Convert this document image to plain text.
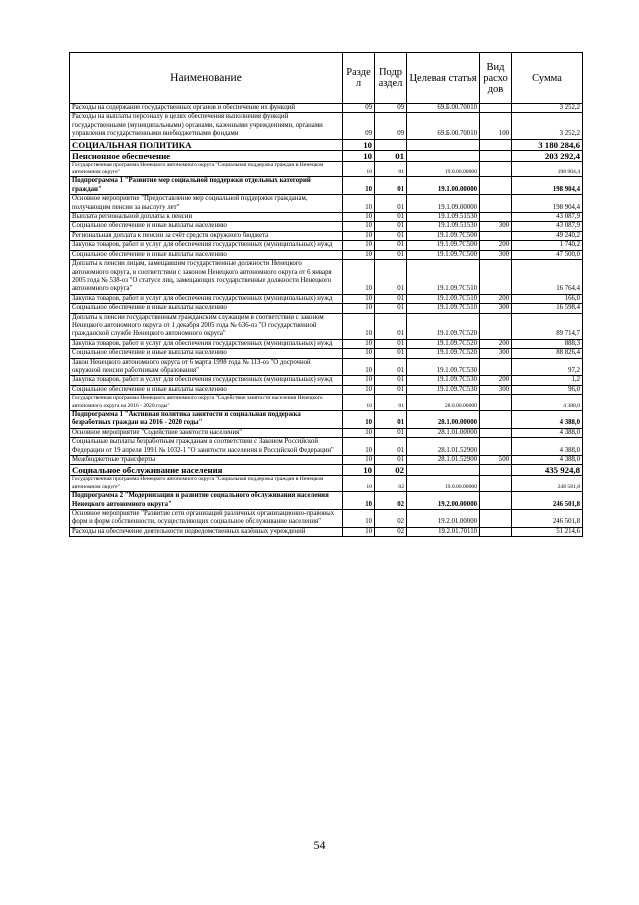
Наименование	Разде л	Подр аздел	Целевая статья	Вид расхо дов	Сумма
Расходы на содержание государственных органов и обеспечение их функций	09	09	69.Б.00.70010		3 252,2
Расходы на выплаты персоналу в целях обеспечения выполнения функций государственными (муниципальными) органами, казенными учреждениями, органами управления государственными внебюджетными фондами	09	09	69.Б.00.70010	100	3 252,2
СОЦИАЛЬНАЯ ПОЛИТИКА	10				3 180 284,6
Пенсионное обеспечение	10	01			203 292,4
Государственная программа Ненецкого автономного округа "Социальная поддержка граждан в Ненецком автономном округе"	10	01	19.0.00.00000		198 904,4
Подпрограмма 1 "Развитие мер социальной поддержки отдельных категорий граждан"	10	01	19.1.00.00000		198 904,4
Основное мероприятие "Предоставление мер социальной поддержки гражданам, получающим пенсии за выслугу лет"	10	01	19.1.09.00000		198 904,4
Выплата региональной доплаты к пенсии	10	01	19.1.09.51530		43 087,9
Социальное обеспечение и иные выплаты населению	10	01	19.1.09.51530	300	43 087,9
Региональная доплата к пенсии за счёт средств окружного бюджета	10	01	19.1.09.7С500		49 240,2
Закупка товаров, работ и услуг для обеспечения государственных (муниципальных) нужд	10	01	19.1.09.7С500	200	1 740,2
Социальное обеспечение и иные выплаты населению	10	01	19.1.09.7С500	300	47 500,0
Доплаты к пенсии лицам, замещавшим государственные должности Ненецкого автономного округа, в соответствии с законом Ненецкого автономного округа от 6 января 2005 года № 538-оз "О статусе лиц, замещающих государственные должности Ненецкого автономного округа"	10	01	19.1.09.7С510		16 764,4
Закупка товаров, работ и услуг для обеспечения государственных (муниципальных) нужд	10	01	19.1.09.7С510	200	166,0
Социальное обеспечение и иные выплаты населению	10	01	19.1.09.7С510	300	16 598,4
Доплаты к пенсии государственным гражданским служащим в соответствии с законом Ненецкого автономного округа от 1 декабря 2005 года № 636-оз "О государственной гражданской службе Ненецкого автономного округа"	10	01	19.1.09.7С520		89 714,7
Закупка товаров, работ и услуг для обеспечения государственных (муниципальных) нужд	10	01	19.1.09.7С520	200	888,3
Социальное обеспечение и иные выплаты населению	10	01	19.1.09.7С520	300	88 826,4
Закон Ненецкого автономного округа от 6 марта 1998 года № 113-оз "О досрочной окружной пенсии работникам образования"	10	01	19.1.09.7С530		97,2
Закупка товаров, работ и услуг для обеспечения государственных (муниципальных) нужд	10	01	19.1.09.7С530	200	1,2
Социальное обеспечение и иные выплаты населению	10	01	19.1.09.7С530	300	96,0
Государственная программа Ненецкого автономного округа "Содействие занятости населения Ненецкого автономного округа на 2016 - 2020 годы"	10	01	28.0.00.00000		4 388,0
Подпрограмма 1 "Активная политика занятости и социальная поддержка безработных граждан на 2016 - 2020 годы"	10	01	28.1.00.00000		4 388,0
Основное мероприятие "Содействие занятости населения"	10	01	28.1.01.00000		4 388,0
Социальные выплаты безработным гражданам в соответствии с Законом Российской Федерации от 19 апреля 1991 № 1032-1 "О занятости населения в Российской Федерации"	10	01	28.1.01.52900		4 388,0
Межбюджетные трансферты	10	01	28.1.01.52900	500	4 388,0
Социальное обслуживание населения	10	02			435 924,8
Государственная программа Ненецкого автономного округа "Социальная поддержка граждан в Ненецком автономном округе"	10	02	19.0.00.00000		248 581,8
Подпрограмма 2 "Модернизация и развитие социального обслуживания населения Ненецкого автономного округа"	10	02	19.2.00.00000		246 501,8
Основное мероприятие "Развитие сети организаций различных организационно-правовых форм и форм собственности, осуществляющих социальное обслуживание населения"	10	02	19.2.01.00000		246 501,8
Расходы на обеспечение деятельности подведомственных казённых учреждений	10	02	19.2.01.70110		51 214,6
54
